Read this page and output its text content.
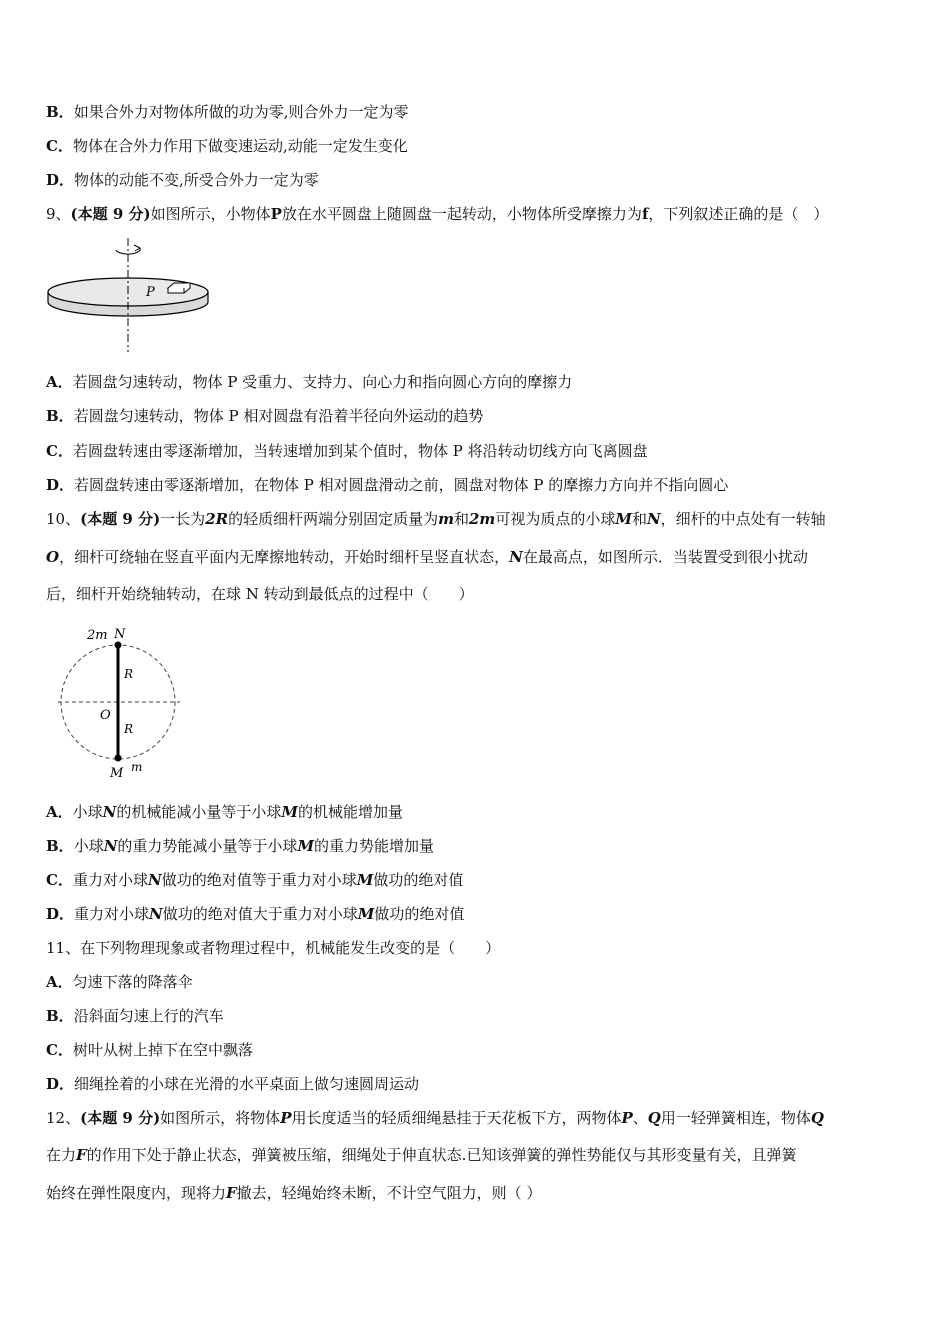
B．如果合外力对物体所做的功为零,则合外力一定为零
C．物体在合外力作用下做变速运动,动能一定发生变化
D．物体的动能不变,所受合外力一定为零
9、(本题 9 分)如图所示，小物体P放在水平圆盘上随圆盘一起转动，小物体所受摩擦力为f，下列叙述正确的是（　）
P
A．若圆盘匀速转动，物体 P 受重力、支持力、向心力和指向圆心方向的摩擦力
B．若圆盘匀速转动，物体 P 相对圆盘有沿着半径向外运动的趋势
C．若圆盘转速由零逐渐增加，当转速增加到某个值时，物体 P 将沿转动切线方向飞离圆盘
D．若圆盘转速由零逐渐增加，在物体 P 相对圆盘滑动之前，圆盘对物体 P 的摩擦力方向并不指向圆心
10、(本题 9 分)一长为2R的轻质细杆两端分别固定质量为m和2m可视为质点的小球M和N，细杆的中点处有一转轴
O，细杆可绕轴在竖直平面内无摩擦地转动，开始时细杆呈竖直状态，N在最高点，如图所示．当装置受到很小扰动
后，细杆开始绕轴转动，在球 N 转动到最低点的过程中（　　）
2m N
R
O
R
M m
A．小球N的机械能减小量等于小球M的机械能增加量
B．小球N的重力势能减小量等于小球M的重力势能增加量
C．重力对小球N做功的绝对值等于重力对小球M做功的绝对值
D．重力对小球N做功的绝对值大于重力对小球M做功的绝对值
11、在下列物理现象或者物理过程中，机械能发生改变的是（　　）
A．匀速下落的降落伞
B．沿斜面匀速上行的汽车
C．树叶从树上掉下在空中飘落
D．细绳拴着的小球在光滑的水平桌面上做匀速圆周运动
12、(本题 9 分)如图所示，将物体P用长度适当的轻质细绳悬挂于天花板下方，两物体P、Q用一轻弹簧相连，物体Q
在力F的作用下处于静止状态，弹簧被压缩，细绳处于伸直状态.已知该弹簧的弹性势能仅与其形变量有关，且弹簧
始终在弹性限度内，现将力F撤去，轻绳始终未断，不计空气阻力，则（ ）
